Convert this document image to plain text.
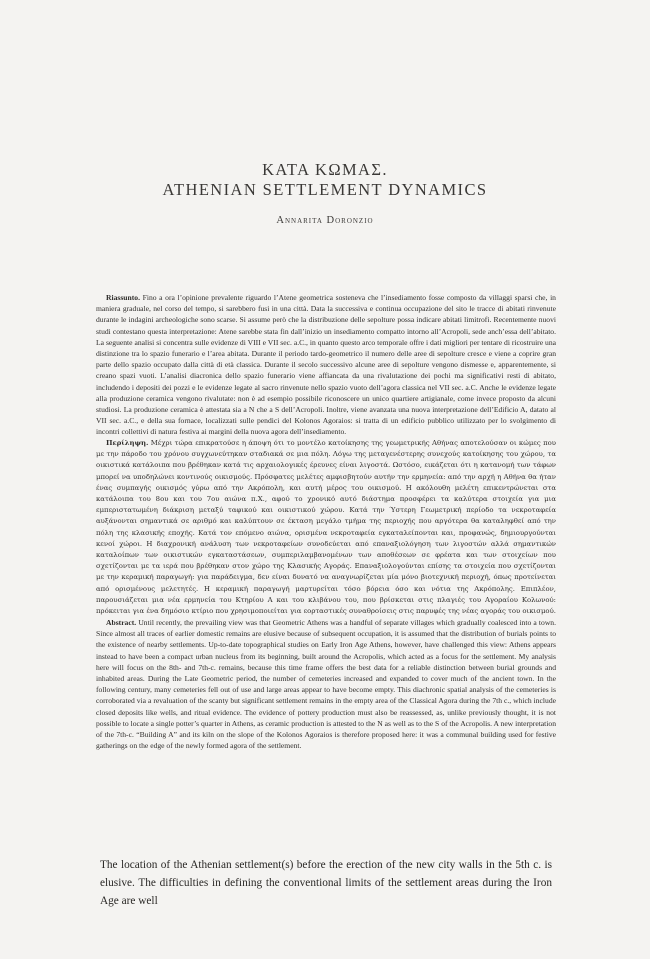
ΚΑΤΑ ΚΩΜΑΣ.
ATHENIAN SETTLEMENT DYNAMICS
Annarita Doronzio

Riassunto. Fino a ora l’opinione prevalente riguardo l’Atene geometrica sosteneva che l’insediamento fosse composto da villaggi sparsi che, in maniera graduale, nel corso del tempo, si sarebbero fusi in una città. Data la successiva e continua occupazione del sito le tracce di abitati rinvenute durante le indagini archeologiche sono scarse. Si assume però che la distribuzione delle sepolture possa indicare abitati limitrofi. Recentemente nuovi studi contestano questa interpretazione: Atene sarebbe stata fin dall’inizio un insediamento compatto intorno all’Acropoli, sede anch’essa dell’abitato. La seguente analisi si concentra sulle evidenze di VIII e VII sec. a.C., in quanto questo arco temporale offre i dati migliori per tentare di ricostruire una distinzione tra lo spazio funerario e l’area abitata. Durante il periodo tardo-geometrico il numero delle aree di sepolture cresce e viene a coprire gran parte dello spazio occupato dalla città di età classica. Durante il secolo successivo alcune aree di sepolture vengono dismesse e, apparentemente, si creano spazi vuoti. L’analisi diacronica dello spazio funerario viene affiancata da una rivalutazione dei pochi ma significativi resti di abitato, includendo i depositi dei pozzi e le evidenze legate al sacro rinvenute nello spazio vuoto dell’agora classica nel VII sec. a.C. Anche le evidenze legate alla produzione ceramica vengono rivalutate: non è ad esempio possibile riconoscere un unico quartiere artigianale, come invece proposto da alcuni studiosi. La produzione ceramica è attestata sia a N che a S dell’Acropoli. Inoltre, viene avanzata una nuova interpretazione dell’Edificio A, datato al VII sec. a.C., e della sua fornace, localizzati sulle pendici del Kolonos Agoraios: si tratta di un edificio pubblico utilizzato per lo svolgimento di incontri collettivi di natura festiva ai margini della nuova agora dell’insediamento.

Περίληψη. Μέχρι τώρα επικρατούσε η άποψη ότι το μοντέλο κατοίκησης της γεωμετρικής Αθήνας αποτελούσαν οι κώμες που με την πάροδο του χρόνου συγχωνεύτηκαν σταδιακά σε μια πόλη. Λόγω της μεταγενέστερης συνεχούς κατοίκησης του χώρου, τα οικιστικά κατάλοιπα που βρέθηκαν κατά τις αρχαιολογικές έρευνες είναι λιγοστά. Ωστόσο, εικάζεται ότι η κατανομή των τάφων μπορεί να υποδηλώνει κοντινούς οικισμούς. Πρόσφατες μελέτες αμφισβητούν αυτήν την ερμηνεία: από την αρχή η Αθήνα θα ήταν ένας συμπαγής οικισμός γύρω από την Ακρόπολη, και αυτή μέρος του οικισμού. Η ακόλουθη μελέτη επικεντρώνεται στα κατάλοιπα του 8ου και του 7ου αιώνα π.Χ., αφού το χρονικό αυτό διάστημα προσφέρει τα καλύτερα στοιχεία για μια εμπεριστατωμένη διάκριση μεταξύ ταφικού και οικιστικού χώρου. Κατά την Ύστερη Γεωμετρική περίοδο τα νεκροταφεία αυξάνονται σημαντικά σε αριθμό και καλύπτουν σε έκταση μεγάλο τμήμα της περιοχής που αργότερα θα καταληφθεί από την πόλη της κλασικής εποχής. Κατά τον επόμενο αιώνα, ορισμένα νεκροταφεία εγκαταλείπονται και, προφανώς, δημιουργούνται κενοί χώροι. Η διαχρονική ανάλυση των νεκροταφείων συνοδεύεται από επαναξιολόγηση των λιγοστών αλλά σημαντικών καταλοίπων των οικιστικών εγκαταστάσεων, συμπεριλαμβανομένων των αποθέσεων σε φρέατα και των στοιχείων που σχετίζονται με τα ιερά που βρέθηκαν στον χώρο της Κλασικής Αγοράς. Επαναξιολογούνται επίσης τα στοιχεία που σχετίζονται με την κεραμική παραγωγή: για παράδειγμα, δεν είναι δυνατό να αναγνωρίζεται μία μόνο βιοτεχνική περιοχή, όπως προτείνεται από ορισμένους μελετητές. Η κεραμική παραγωγή μαρτυρείται τόσο βόρεια όσο και νότια της Ακρόπολης. Επιπλέον, παρουσιάζεται μια νέα ερμηνεία του Κτηρίου Α και του κλιβάνου του, που βρίσκεται στις πλαγιές του Αγοραίου Κολωνού: πρόκειται για ένα δημόσιο κτίριο που χρησιμοποιείται για εορταστικές συναθροίσεις στις παρυφές της νέας αγοράς του οικισμού.

Abstract. Until recently, the prevailing view was that Geometric Athens was a handful of separate villages which gradually coalesced into a town. Since almost all traces of earlier domestic remains are elusive because of subsequent occupation, it is assumed that the distribution of burials points to the existence of nearby settlements. Up-to-date topographical studies on Early Iron Age Athens, however, have challenged this view: Athens appears instead to have been a compact urban nucleus from its beginning, built around the Acropolis, which acted as a focus for the settlement. My analysis here will focus on the 8th- and 7th-c. remains, because this time frame offers the best data for a reliable distinction between burial grounds and inhabited areas. During the Late Geometric period, the number of cemeteries increased and expanded to cover much of the ancient town. In the following century, many cemeteries fell out of use and large areas appear to have become empty. This diachronic spatial analysis of the cemeteries is corroborated via a revaluation of the scanty but significant settlement remains in the empty area of the Classical Agora during the 7th c., which include closed deposits like wells, and ritual evidence. The evidence of pottery production must also be reassessed, as, unlike previously thought, it is not possible to locate a single potter’s quarter in Athens, as ceramic production is attested to the N as well as to the S of the Acropolis. A new interpretation of the 7th-c. “Building A” and its kiln on the slope of the Kolonos Agoraios is therefore proposed here: it was a communal building used for festive gatherings on the edge of the newly formed agora of the settlement.

The location of the Athenian settlement(s) before the erection of the new city walls in the 5th c. is elusive. The difficulties in defining the conventional limits of the settlement areas during the Iron Age are well
